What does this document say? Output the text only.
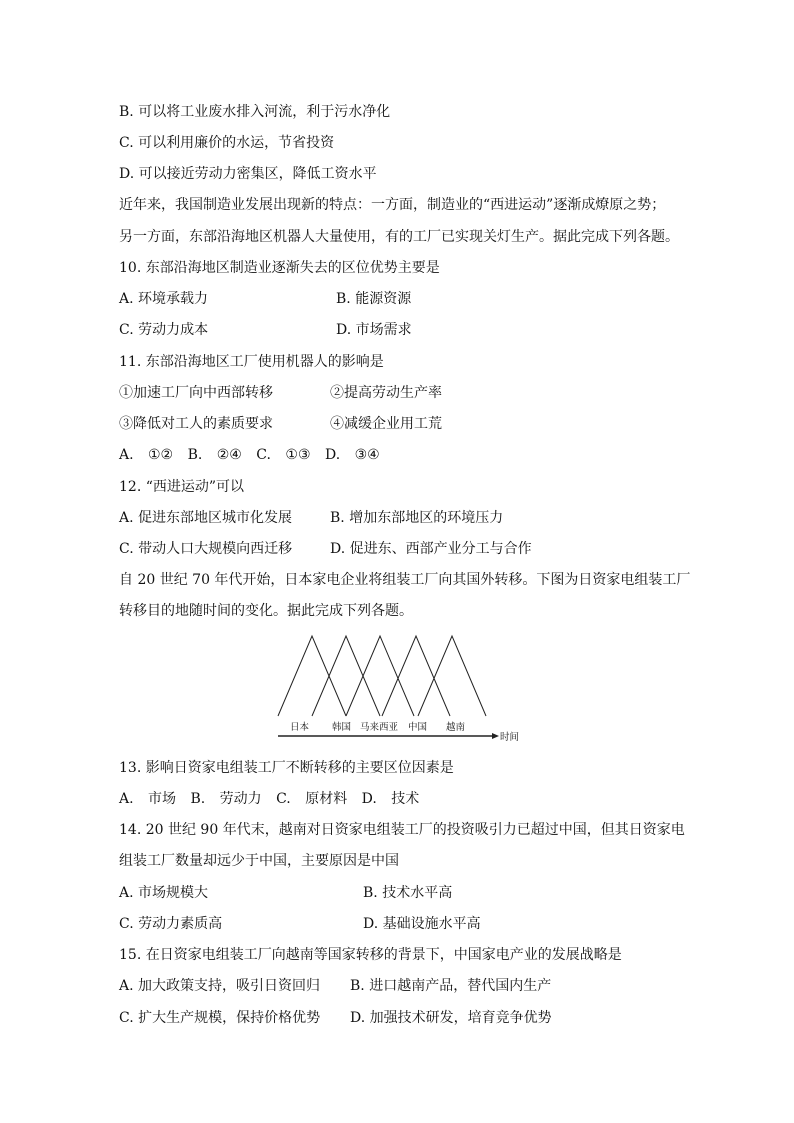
B. 可以将工业废水排入河流，利于污水净化
C. 可以利用廉价的水运，节省投资
D. 可以接近劳动力密集区，降低工资水平
近年来，我国制造业发展出现新的特点：一方面，制造业的“西进运动”逐渐成燎原之势；
另一方面，东部沿海地区机器人大量使用，有的工厂已实现关灯生产。据此完成下列各题。
10. 东部沿海地区制造业逐渐失去的区位优势主要是
A. 环境承载力	B. 能源资源
C. 劳动力成本	D. 市场需求
11. 东部沿海地区工厂使用机器人的影响是
①加速工厂向中西部转移	②提高劳动生产率
③降低对工人的素质要求	④减缓企业用工荒
A. ①② B. ②④ C. ①③ D. ③④
12. “西进运动”可以
A. 促进东部地区城市化发展	B. 增加东部地区的环境压力
C. 带动人口大规模向西迁移	D. 促进东、西部产业分工与合作
自 20 世纪 70 年代开始，日本家电企业将组装工厂向其国外转移。下图为日资家电组装工厂
转移目的地随时间的变化。据此完成下列各题。
日本 韩国 马来西亚 中国 越南
时间
13. 影响日资家电组装工厂不断转移的主要区位因素是
A. 市场 B. 劳动力 C. 原材料 D. 技术
14. 20 世纪 90 年代末，越南对日资家电组装工厂的投资吸引力已超过中国，但其日资家电
组装工厂数量却远少于中国，主要原因是中国
A. 市场规模大	B. 技术水平高
C. 劳动力素质高	D. 基础设施水平高
15. 在日资家电组装工厂向越南等国家转移的背景下，中国家电产业的发展战略是
A. 加大政策支持，吸引日资回归 B. 进口越南产品，替代国内生产
C. 扩大生产规模，保持价格优势 D. 加强技术研发，培育竞争优势
